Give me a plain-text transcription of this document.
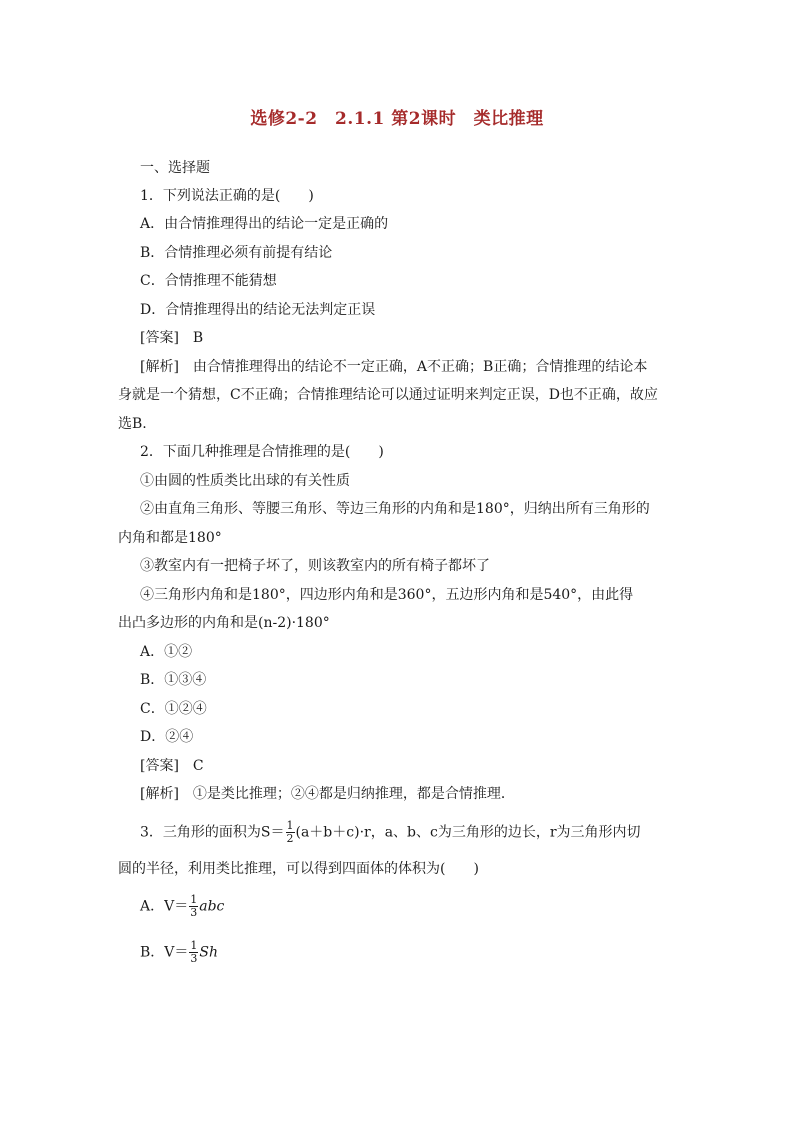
选修2-2　2.1.1 第2课时　类比推理
一、选择题
1．下列说法正确的是(　　)
A．由合情推理得出的结论一定是正确的
B．合情推理必须有前提有结论
C．合情推理不能猜想
D．合情推理得出的结论无法判定正误
[答案]　B
[解析]　由合情推理得出的结论不一定正确，A不正确；B正确；合情推理的结论本
身就是一个猜想，C不正确；合情推理结论可以通过证明来判定正误，D也不正确，故应
选B.
2．下面几种推理是合情推理的是(　　)
①由圆的性质类比出球的有关性质
②由直角三角形、等腰三角形、等边三角形的内角和是180°，归纳出所有三角形的
内角和都是180°
③教室内有一把椅子坏了，则该教室内的所有椅子都坏了
④三角形内角和是180°，四边形内角和是360°，五边形内角和是540°，由此得
出凸多边形的内角和是(n-2)·180°
A．①②
B．①③④
C．①②④
D．②④
[答案]　C
[解析]　①是类比推理；②④都是归纳推理，都是合情推理．
3．三角形的面积为$S= \frac{1}{2} (a+b+c)\cdot r$，a、b、c为三角形的边长，r为三角形内切
圆的半径，利用类比推理，可以得到四面体的体积为(　　)
A．$V= \frac{1}{3}$ abc
B．$V= \frac{1}{3}$ Sh
